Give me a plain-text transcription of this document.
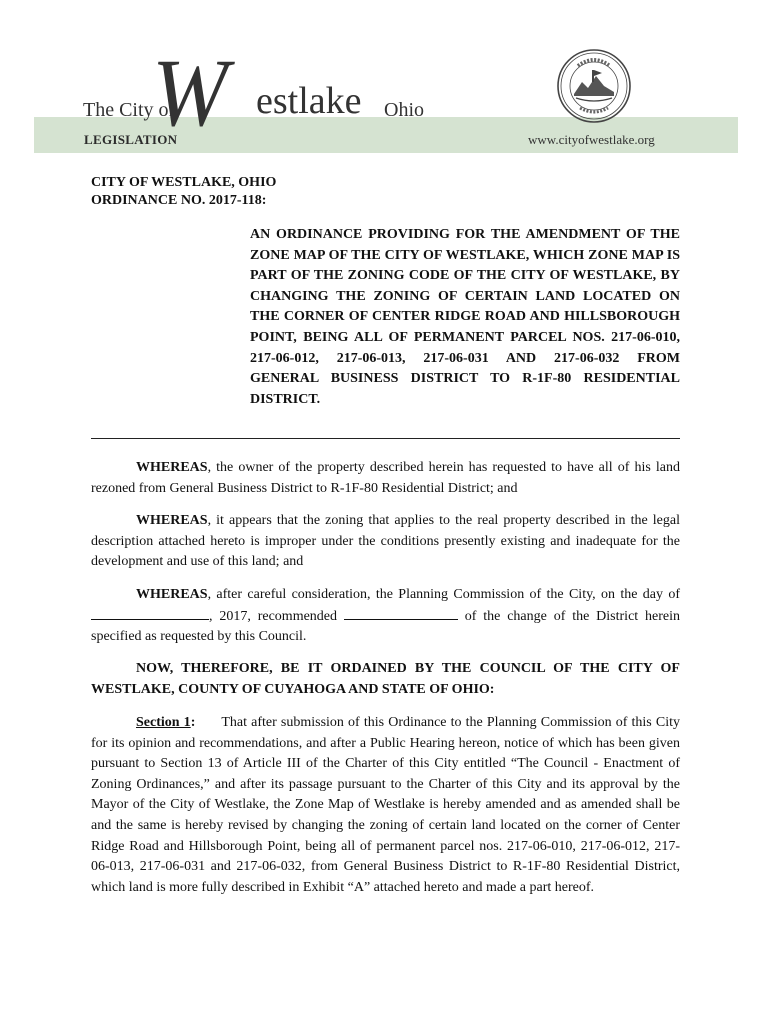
The City of
W estlake Ohio
LEGISLATION	www.cityofwestlake.org
CITY OF WESTLAKE, OHIO
ORDINANCE NO. 2017-118:
AN ORDINANCE PROVIDING FOR THE AMENDMENT OF THE ZONE MAP OF THE CITY OF WESTLAKE, WHICH ZONE MAP IS PART OF THE ZONING CODE OF THE CITY OF WESTLAKE, BY CHANGING THE ZONING OF CERTAIN LAND LOCATED ON THE CORNER OF CENTER RIDGE ROAD AND HILLSBOROUGH POINT, BEING ALL OF PERMANENT PARCEL NOS. 217-06-010, 217-06-012, 217-06-013, 217-06-031 AND 217-06-032 FROM GENERAL BUSINESS DISTRICT TO R-1F-80 RESIDENTIAL DISTRICT.
WHEREAS, the owner of the property described herein has requested to have all of his land rezoned from General Business District to R-1F-80 Residential District; and
WHEREAS, it appears that the zoning that applies to the real property described in the legal description attached hereto is improper under the conditions presently existing and inadequate for the development and use of this land; and
WHEREAS, after careful consideration, the Planning Commission of the City, on the day of , 2017, recommended	of the change of the District herein specified as requested by this Council.
NOW, THEREFORE, BE IT ORDAINED BY THE COUNCIL OF THE CITY OF WESTLAKE, COUNTY OF CUYAHOGA AND STATE OF OHIO:
Section 1: That after submission of this Ordinance to the Planning Commission of this City for its opinion and recommendations, and after a Public Hearing hereon, notice of which has been given pursuant to Section 13 of Article III of the Charter of this City entitled “The Council - Enactment of Zoning Ordinances,” and after its passage pursuant to the Charter of this City and its approval by the Mayor of the City of Westlake, the Zone Map of Westlake is hereby amended and as amended shall be and the same is hereby revised by changing the zoning of certain land located on the corner of Center Ridge Road and Hillsborough Point, being all of permanent parcel nos. 217-06-010, 217-06-012, 217-06-013, 217-06-031 and 217-06-032, from General Business District to R-1F-80 Residential District, which land is more fully described in Exhibit “A” attached hereto and made a part hereof.
